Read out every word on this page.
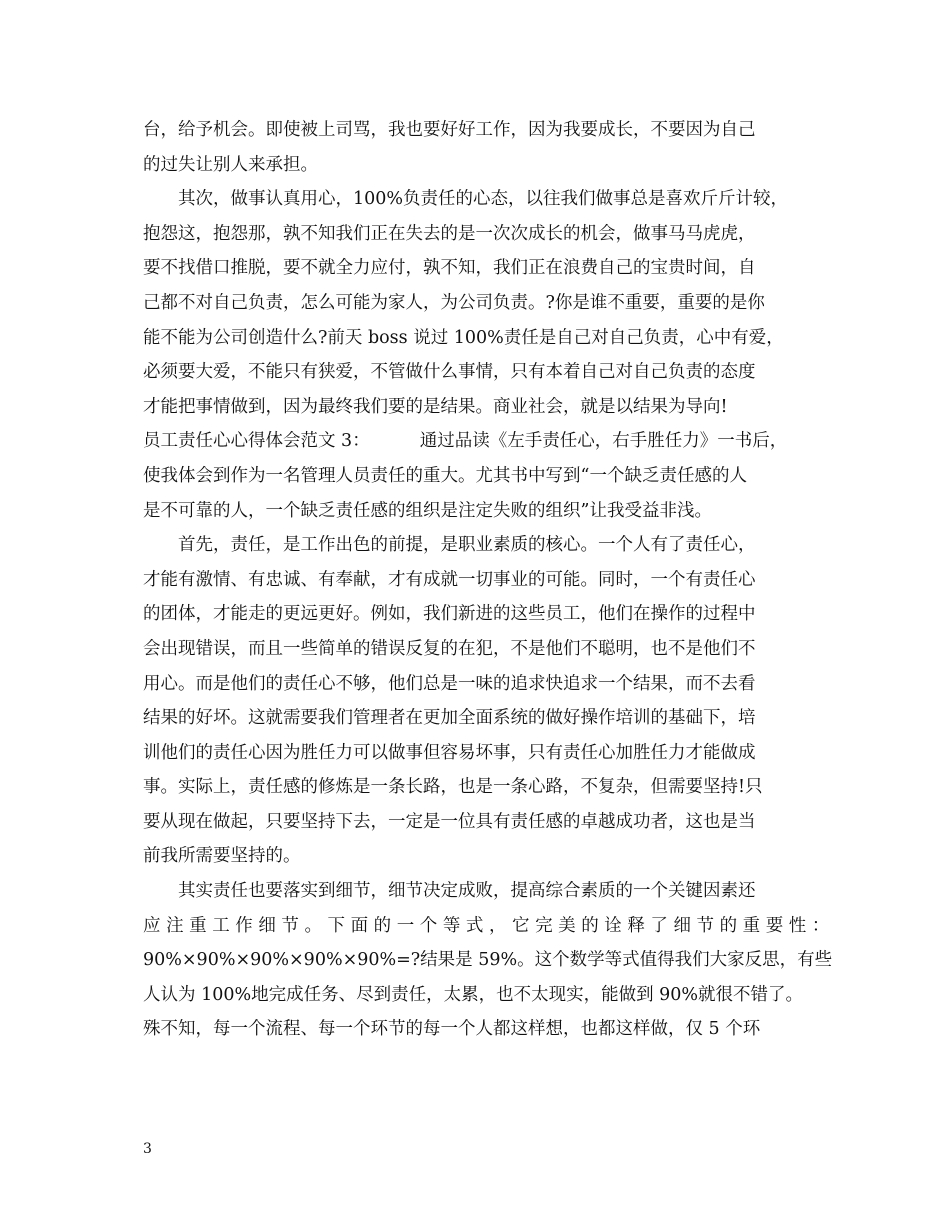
台，给予机会。即使被上司骂，我也要好好工作，因为我要成长，不要因为自己
的过失让别人来承担。
其次，做事认真用心，100%负责任的心态，以往我们做事总是喜欢斤斤计较，
抱怨这，抱怨那，孰不知我们正在失去的是一次次成长的机会，做事马马虎虎，
要不找借口推脱，要不就全力应付，孰不知，我们正在浪费自己的宝贵时间，自
己都不对自己负责，怎么可能为家人，为公司负责。?你是谁不重要，重要的是你
能不能为公司创造什么?前天 boss 说过 100%责任是自己对自己负责，心中有爱，
必须要大爱，不能只有狭爱，不管做什么事情，只有本着自己对自己负责的态度
才能把事情做到，因为最终我们要的是结果。商业社会，就是以结果为导向!
员工责任心心得体会范文 3：	通过品读《左手责任心，右手胜任力》一书后，
使我体会到作为一名管理人员责任的重大。尤其书中写到“一个缺乏责任感的人
是不可靠的人，一个缺乏责任感的组织是注定失败的组织”让我受益非浅。
首先，责任，是工作出色的前提，是职业素质的核心。一个人有了责任心，
才能有激情、有忠诚、有奉献，才有成就一切事业的可能。同时，一个有责任心
的团体，才能走的更远更好。例如，我们新进的这些员工，他们在操作的过程中
会出现错误，而且一些简单的错误反复的在犯，不是他们不聪明，也不是他们不
用心。而是他们的责任心不够，他们总是一味的追求快追求一个结果，而不去看
结果的好坏。这就需要我们管理者在更加全面系统的做好操作培训的基础下，培
训他们的责任心因为胜任力可以做事但容易坏事，只有责任心加胜任力才能做成
事。实际上，责任感的修炼是一条长路，也是一条心路，不复杂，但需要坚持!只
要从现在做起，只要坚持下去，一定是一位具有责任感的卓越成功者，这也是当
前我所需要坚持的。
其实责任也要落实到细节，细节决定成败，提高综合素质的一个关键因素还
应 注 重 工 作 细 节 。 下 面 的 一 个 等 式 ， 它 完 美 的 诠 释 了 细 节 的 重 要 性 ：
90%×90%×90%×90%×90%=?结果是 59%。这个数学等式值得我们大家反思，有些
人认为 100%地完成任务、尽到责任，太累，也不太现实，能做到 90%就很不错了。
殊不知，每一个流程、每一个环节的每一个人都这样想，也都这样做，仅 5 个环
3
